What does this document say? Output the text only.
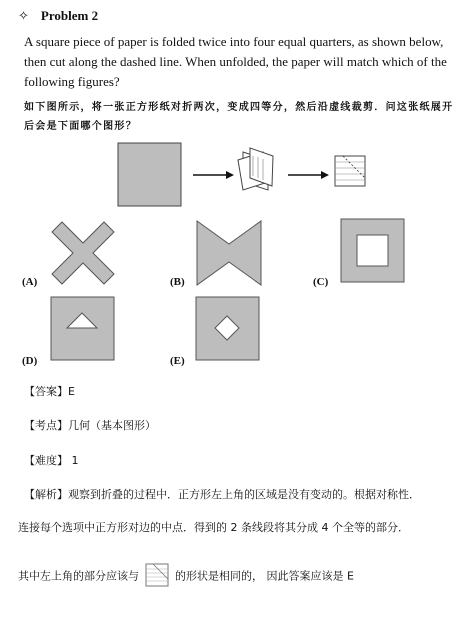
✧ Problem 2
A square piece of paper is folded twice into four equal quarters, as shown below, then cut along the dashed line. When unfolded, the paper will match which of the following figures?
如下图所示，将一张正方形纸对折两次，变成四等分，然后沿虚线裁剪．问这张纸展开后会是下面哪个图形？
(A)	(B)	(C)
(D)	(E)
【答案】E
【考点】几何（基本图形）
【难度】 1
【解析】观察到折叠的过程中．正方形左上角的区域是没有变动的。根据对称性．
连接每个选项中正方形对边的中点．得到的 2 条线段将其分成 4 个全等的部分．
其中左上角的部分应该与	的形状是相同的， 因此答案应该是 E
